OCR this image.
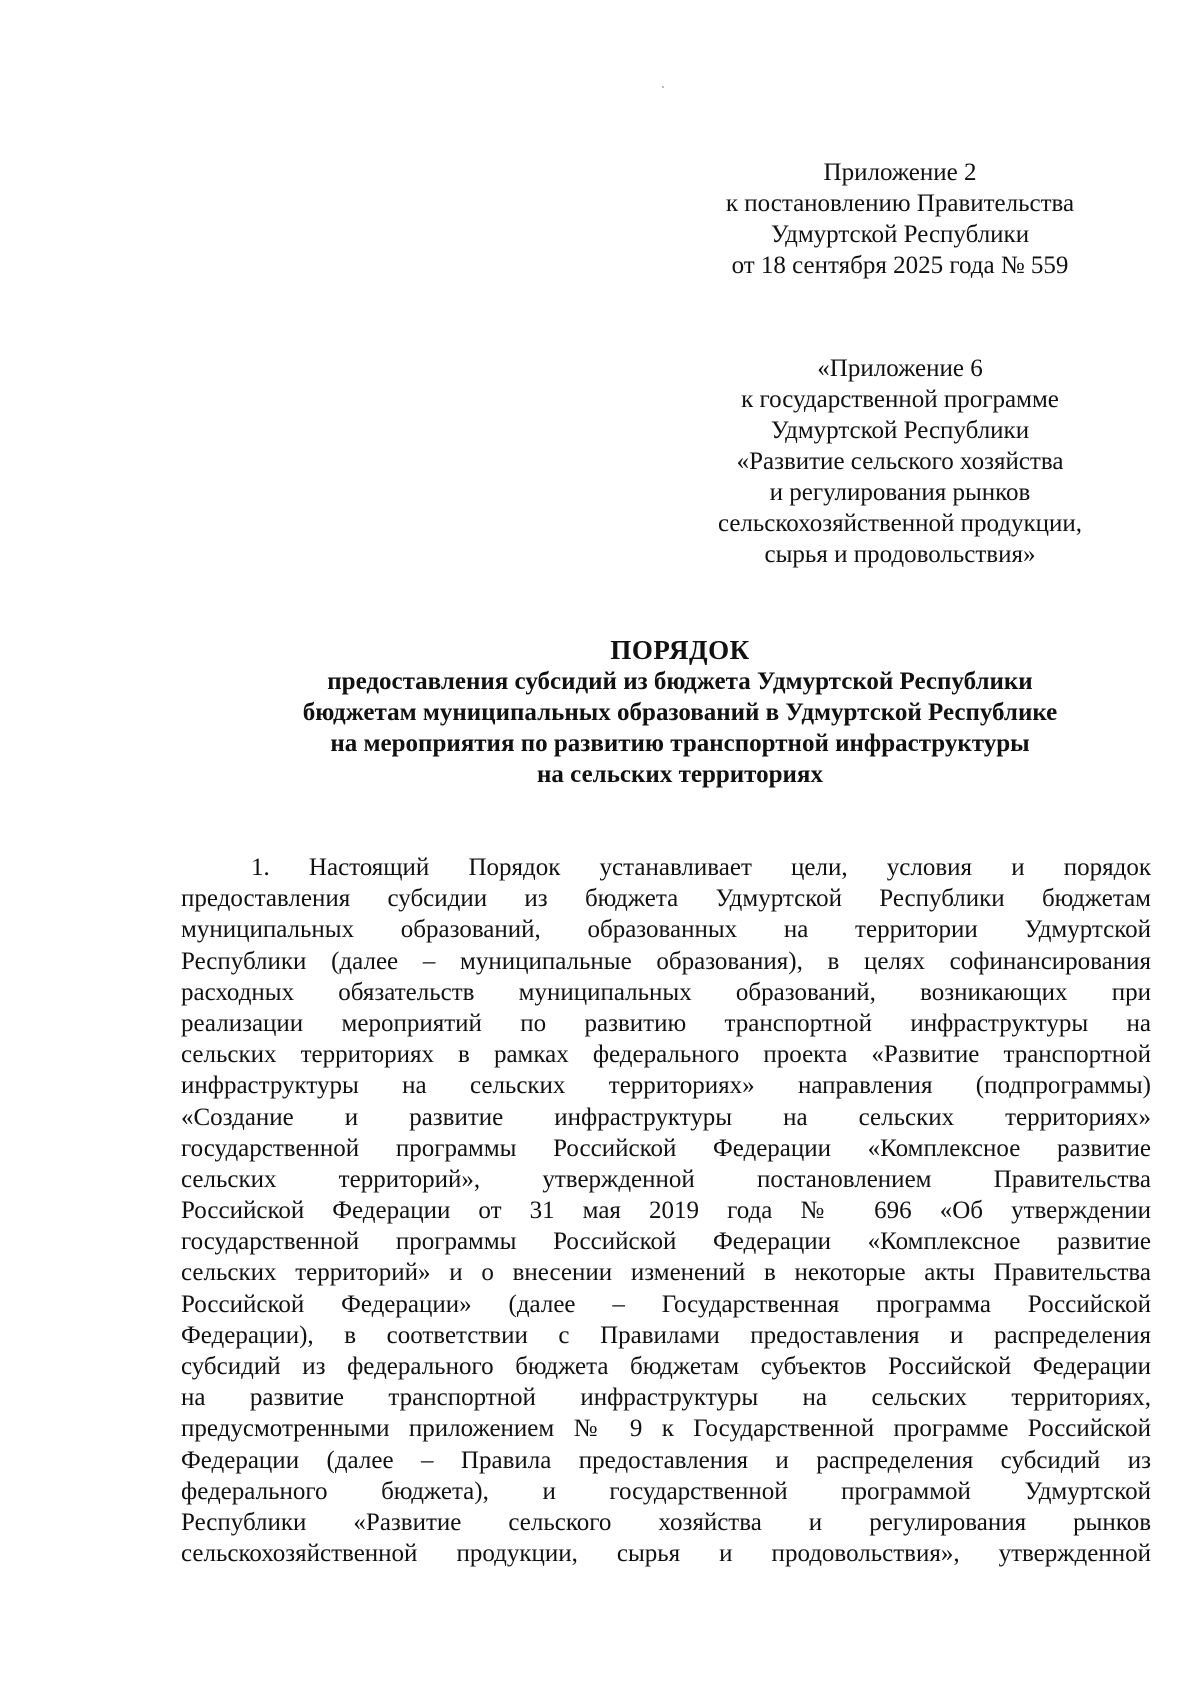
Приложение 2
к постановлению Правительства
Удмуртской Республики
от 18 сентября 2025 года № 559
«Приложение 6
к государственной программе
Удмуртской Республики
«Развитие сельского хозяйства
и регулирования рынков
сельскохозяйственной продукции,
сырья и продовольствия»
ПОРЯДОК
предоставления субсидий из бюджета Удмуртской Республики
бюджетам муниципальных образований в Удмуртской Республике
на мероприятия по развитию транспортной инфраструктуры
на сельских территориях
1. Настоящий Порядок устанавливает цели, условия и порядок
предоставления субсидии из бюджета Удмуртской Республики бюджетам
муниципальных образований, образованных на территории Удмуртской
Республики (далее – муниципальные образования), в целях софинансирования
расходных обязательств муниципальных образований, возникающих при
реализации мероприятий по развитию транспортной инфраструктуры на
сельских территориях в рамках федерального проекта «Развитие транспортной
инфраструктуры на сельских территориях» направления (подпрограммы)
«Создание и развитие инфраструктуры на сельских территориях»
государственной программы Российской Федерации «Комплексное развитие
сельских территорий», утвержденной постановлением Правительства
Российской Федерации от 31 мая 2019 года № 696 «Об утверждении
государственной программы Российской Федерации «Комплексное развитие
сельских территорий» и о внесении изменений в некоторые акты Правительства
Российской Федерации» (далее – Государственная программа Российской
Федерации), в соответствии с Правилами предоставления и распределения
субсидий из федерального бюджета бюджетам субъектов Российской Федерации
на развитие транспортной инфраструктуры на сельских территориях,
предусмотренными приложением № 9 к Государственной программе Российской
Федерации (далее – Правила предоставления и распределения субсидий из
федерального бюджета), и государственной программой Удмуртской
Республики «Развитие сельского хозяйства и регулирования рынков
сельскохозяйственной продукции, сырья и продовольствия», утвержденной
